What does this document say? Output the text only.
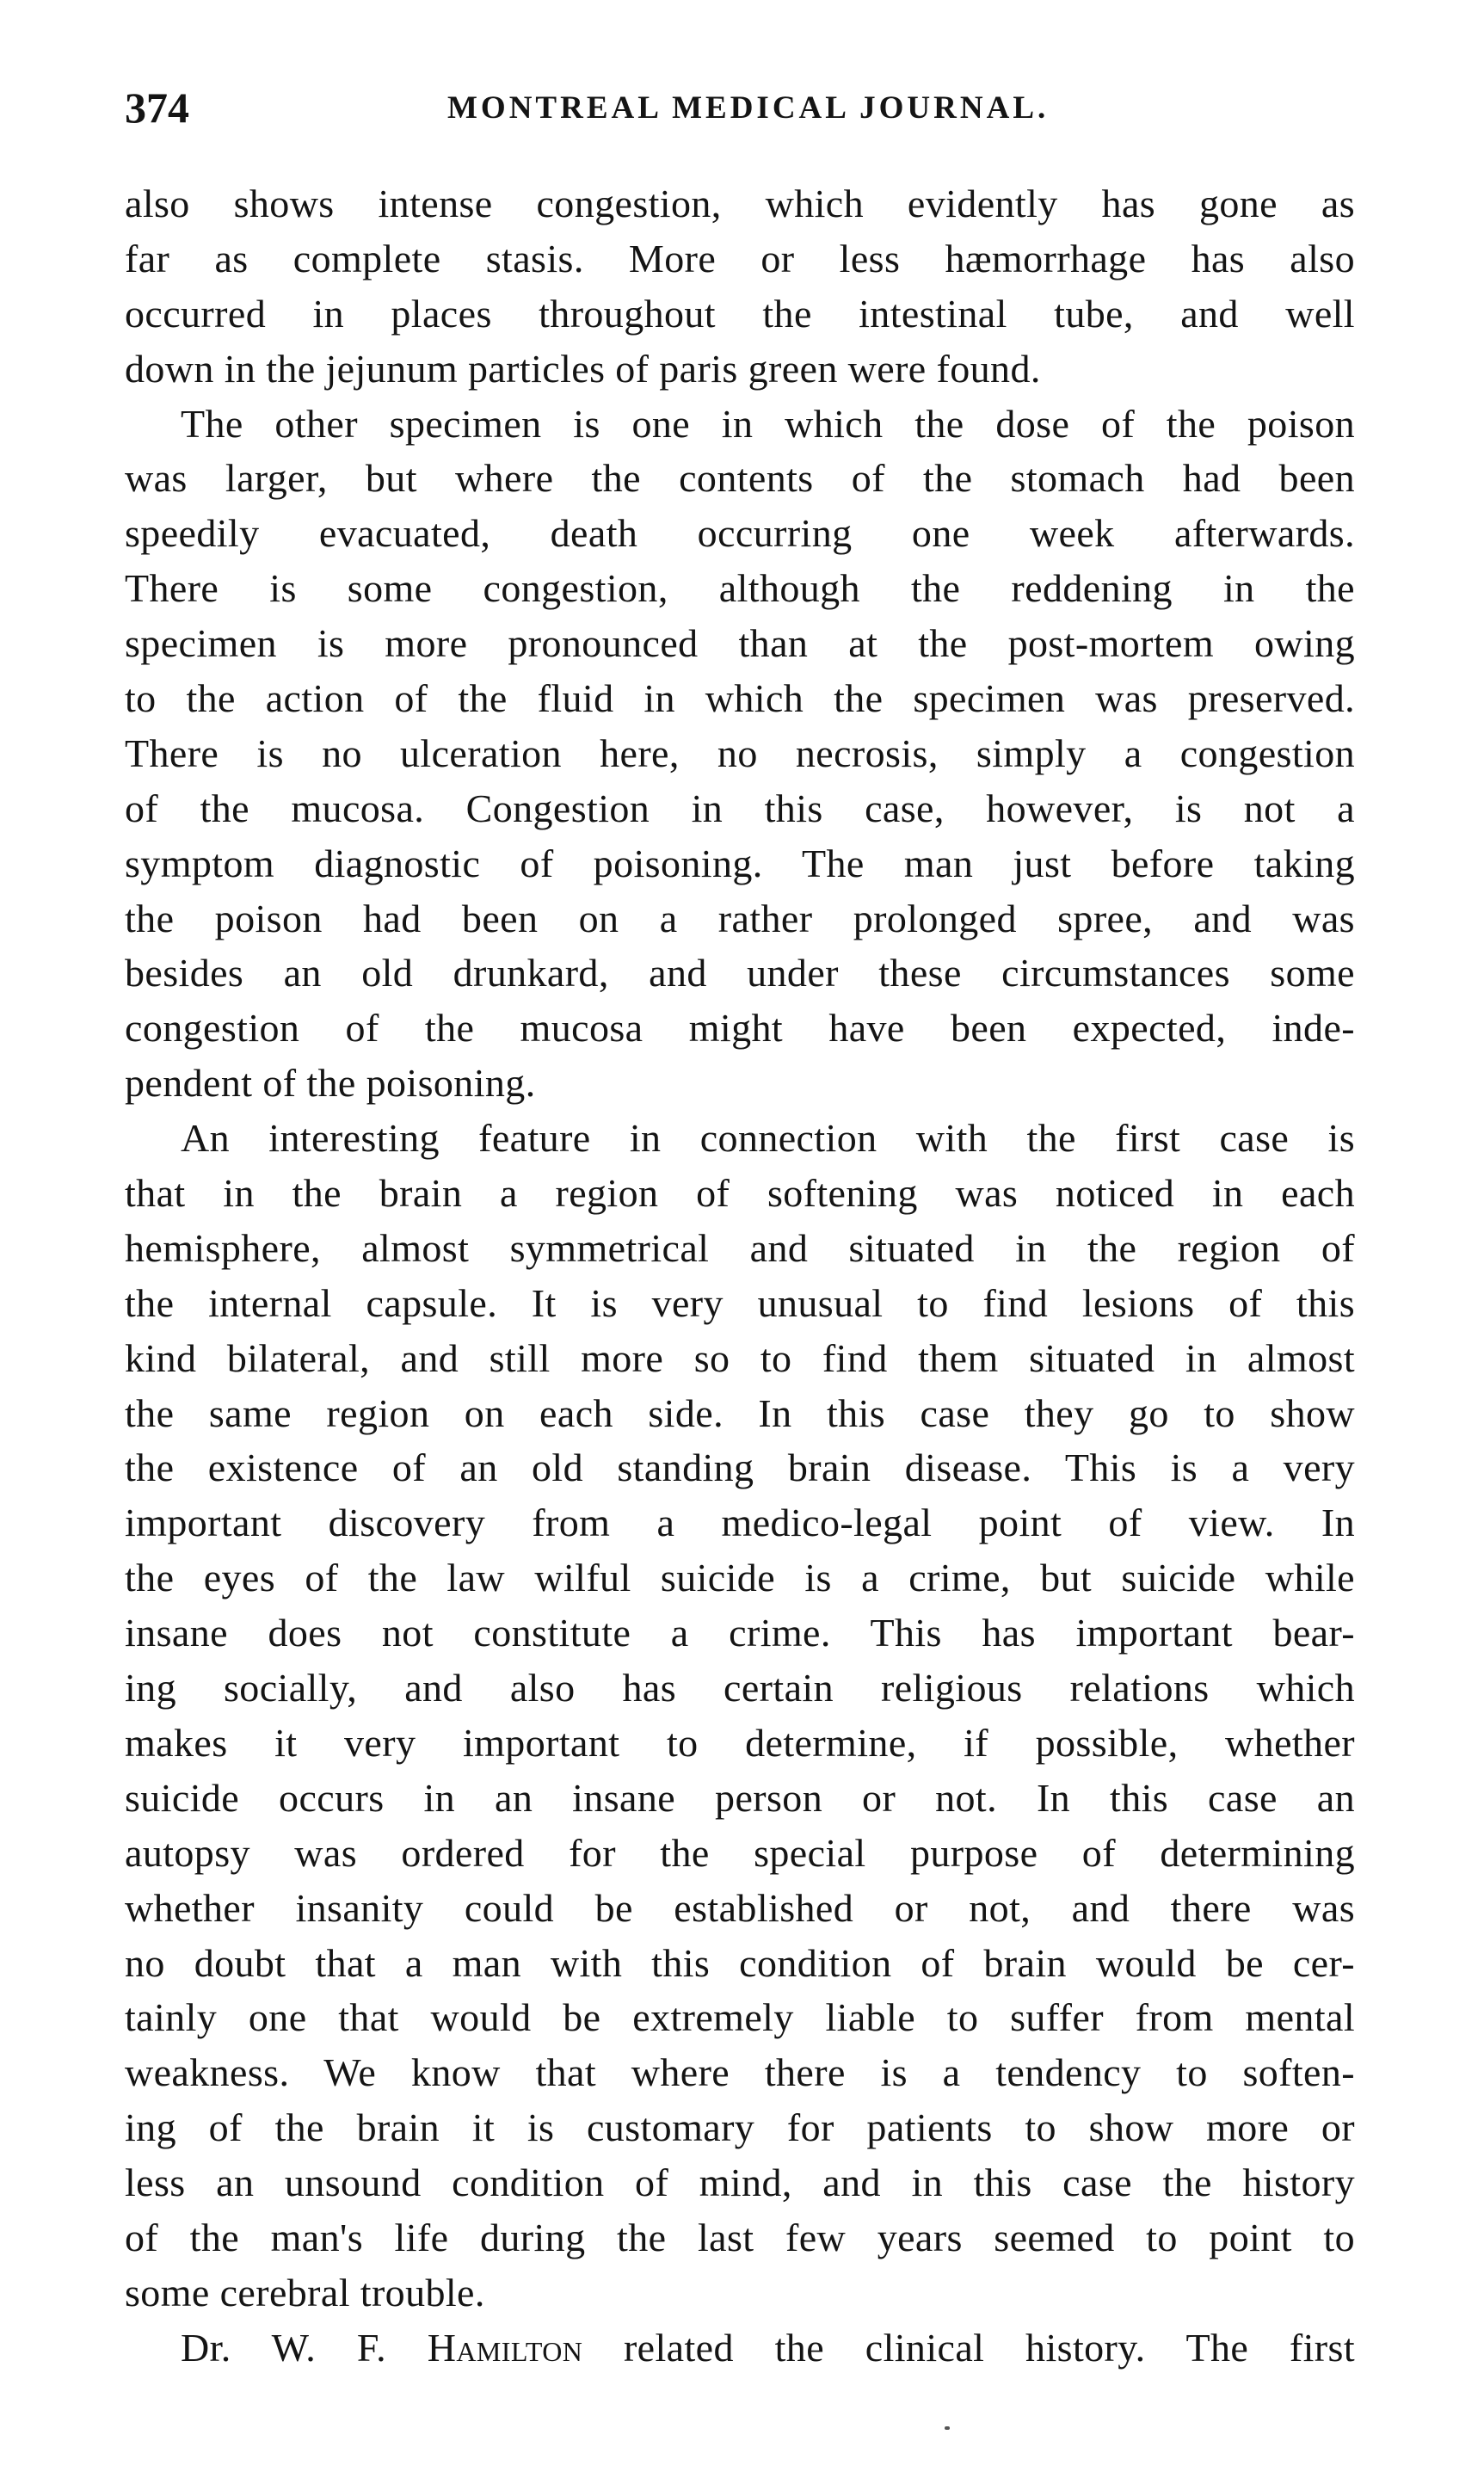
374	MONTREAL MEDICAL JOURNAL.
also shows intense congestion, which evidently has gone as
far as complete stasis. More or less hæmorrhage has also
occurred in places throughout the intestinal tube, and well
down in the jejunum particles of paris green were found.
The other specimen is one in which the dose of the poison
was larger, but where the contents of the stomach had been
speedily evacuated, death occurring one week afterwards.
There is some congestion, although the reddening in the
specimen is more pronounced than at the post-mortem owing
to the action of the fluid in which the specimen was preserved.
There is no ulceration here, no necrosis, simply a congestion
of the mucosa. Congestion in this case, however, is not a
symptom diagnostic of poisoning. The man just before taking
the poison had been on a rather prolonged spree, and was
besides an old drunkard, and under these circumstances some
congestion of the mucosa might have been expected, inde-
pendent of the poisoning.
An interesting feature in connection with the first case is
that in the brain a region of softening was noticed in each
hemisphere, almost symmetrical and situated in the region of
the internal capsule. It is very unusual to find lesions of this
kind bilateral, and still more so to find them situated in almost
the same region on each side. In this case they go to show
the existence of an old standing brain disease. This is a very
important discovery from a medico-legal point of view. In
the eyes of the law wilful suicide is a crime, but suicide while
insane does not constitute a crime. This has important bear-
ing socially, and also has certain religious relations which
makes it very important to determine, if possible, whether
suicide occurs in an insane person or not. In this case an
autopsy was ordered for the special purpose of determining
whether insanity could be established or not, and there was
no doubt that a man with this condition of brain would be cer-
tainly one that would be extremely liable to suffer from mental
weakness. We know that where there is a tendency to soften-
ing of the brain it is customary for patients to show more or
less an unsound condition of mind, and in this case the history
of the man's life during the last few years seemed to point to
some cerebral trouble.
Dr. W. F. Hamilton related the clinical history. The first
